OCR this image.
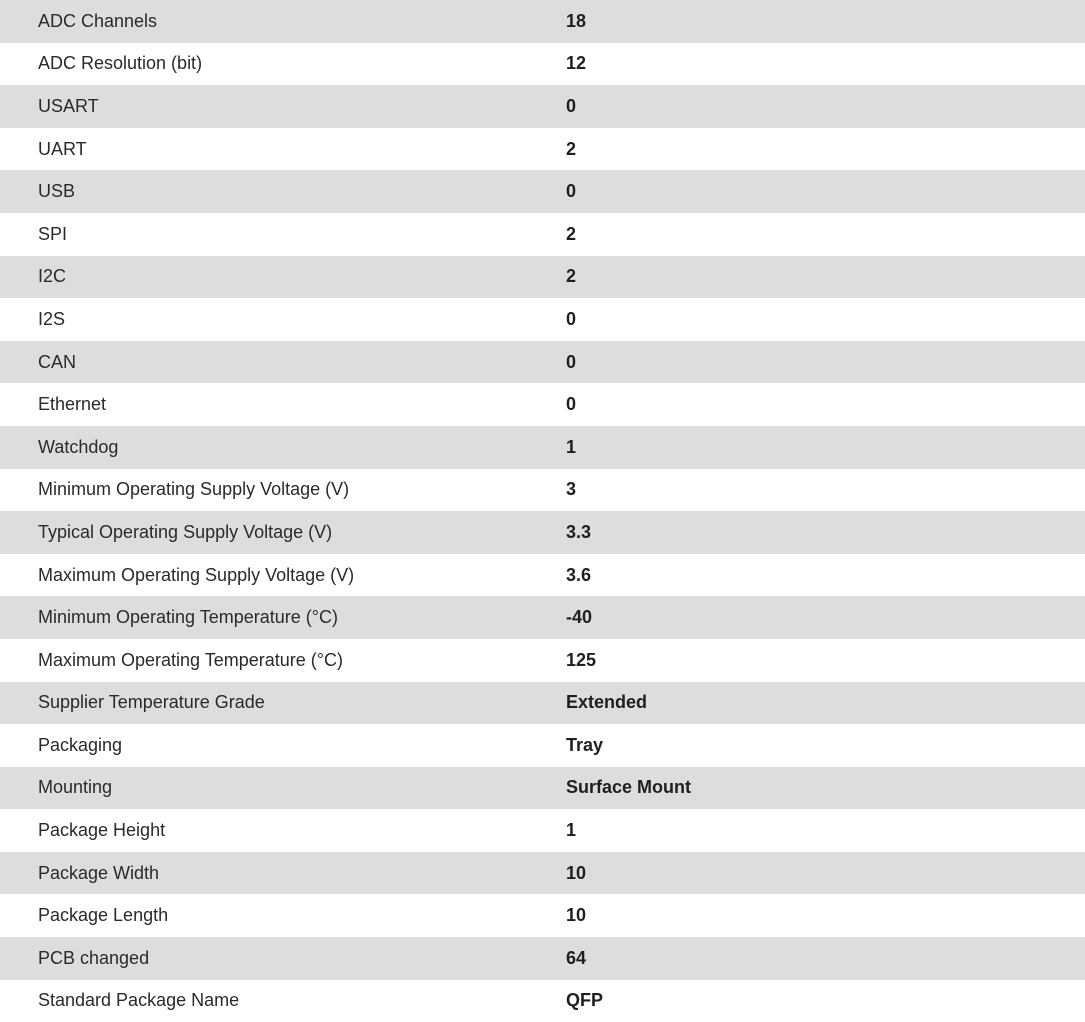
ADC Channels	18
ADC Resolution (bit)	12
USART	0
UART	2
USB	0
SPI	2
I2C	2
I2S	0
CAN	0
Ethernet	0
Watchdog	1
Minimum Operating Supply Voltage (V)	3
Typical Operating Supply Voltage (V)	3.3
Maximum Operating Supply Voltage (V)	3.6
Minimum Operating Temperature (°C)	-40
Maximum Operating Temperature (°C)	125
Supplier Temperature Grade	Extended
Packaging	Tray
Mounting	Surface Mount
Package Height	1
Package Width	10
Package Length	10
PCB changed	64
Standard Package Name	QFP
